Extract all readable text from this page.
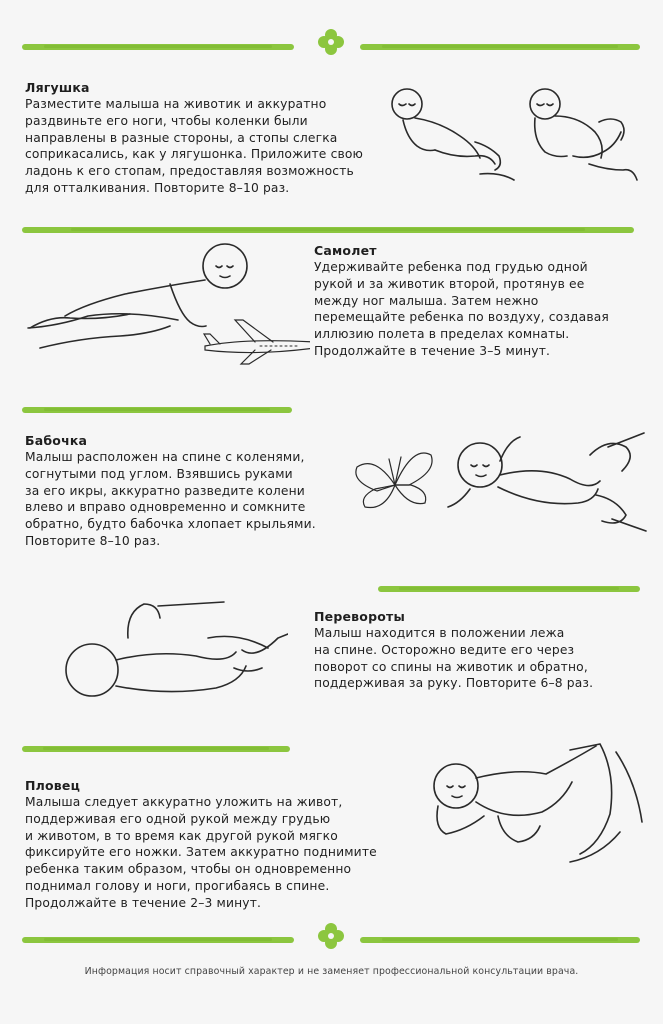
Лягушка

Разместите малыша на животик и аккуратно
раздвиньте его ноги, чтобы коленки были
направлены в разные стороны, а стопы слегка
соприкасались, как у лягушонка. Приложите свою
ладонь к его стопам, предоставляя возможность
для отталкивания. Повторите 8–10 раз.

Самолет

Удерживайте ребенка под грудью одной
рукой и за животик второй, протянув ее
между ног малыша. Затем нежно
перемещайте ребенка по воздуху, создавая
иллюзию полета в пределах комнаты.
Продолжайте в течение 3–5 минут.

Бабочка

Малыш расположен на спине с коленями,
согнутыми под углом. Взявшись руками
за его икры, аккуратно разведите колени
влево и вправо одновременно и сомкните
обратно, будто бабочка хлопает крыльями.
Повторите 8–10 раз.

Перевороты

Малыш находится в положении лежа
на спине. Осторожно ведите его через
поворот со спины на животик и обратно,
поддерживая за руку. Повторите 6–8 раз.

Пловец

Малыша следует аккуратно уложить на живот,
поддерживая его одной рукой между грудью
и животом, в то время как другой рукой мягко
фиксируйте его ножки. Затем аккуратно поднимите
ребенка таким образом, чтобы он одновременно
поднимал голову и ноги, прогибаясь в спине.
Продолжайте в течение 2–3 минут.

Информация носит справочный характер и не заменяет профессиональной консультации врача.
